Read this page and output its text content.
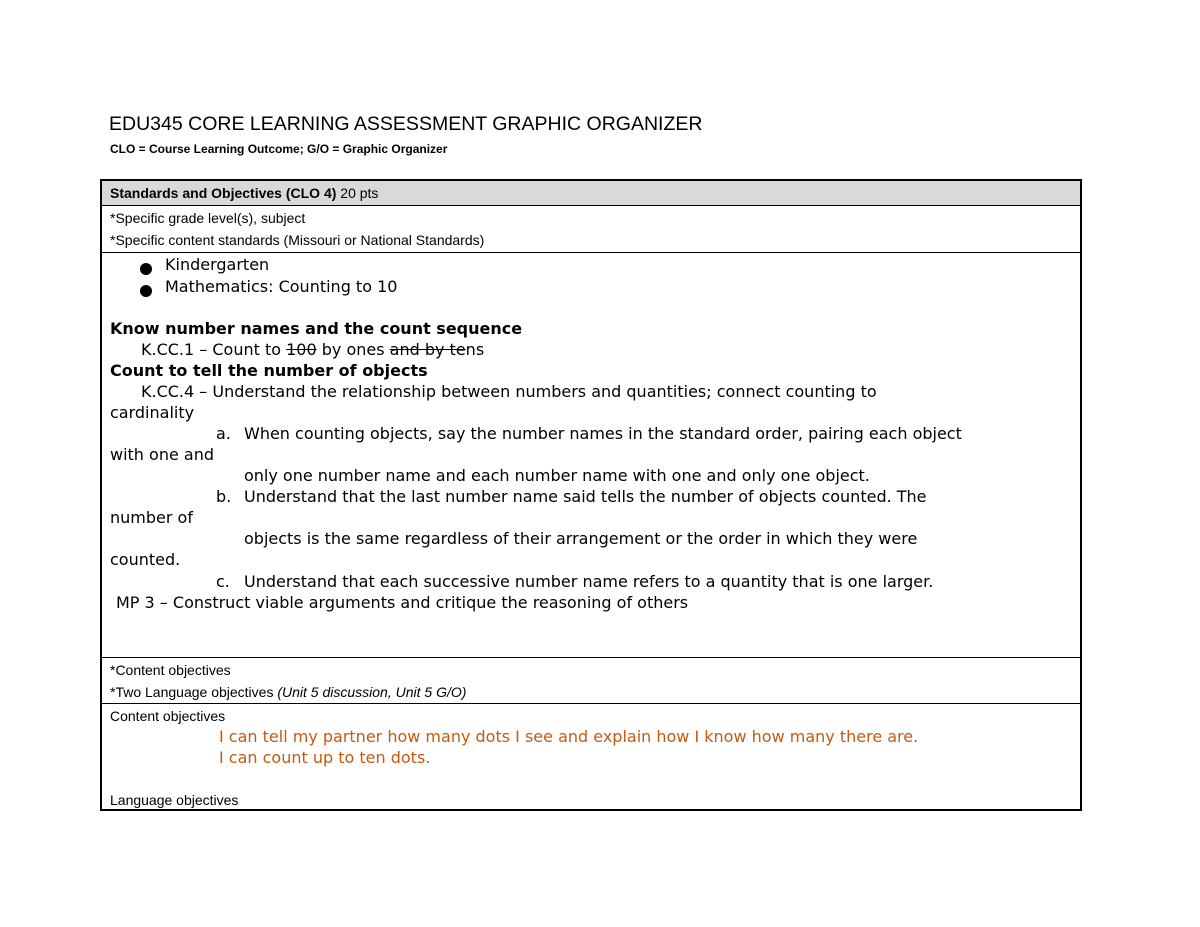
EDU345 CORE LEARNING ASSESSMENT GRAPHIC ORGANIZER
CLO = Course Learning Outcome; G/O = Graphic Organizer
Standards and Objectives (CLO 4) 20 pts
*Specific grade level(s), subject
*Specific content standards (Missouri or National Standards)
Kindergarten
Mathematics: Counting to 10
Know number names and the count sequence
K.CC.1 – Count to 100 by ones and by tens
Count to tell the number of objects
K.CC.4 – Understand the relationship between numbers and quantities; connect counting to
cardinality
a. When counting objects, say the number names in the standard order, pairing each object
with one and
only one number name and each number name with one and only one object.
b. Understand that the last number name said tells the number of objects counted. The
number of
objects is the same regardless of their arrangement or the order in which they were
counted.
c. Understand that each successive number name refers to a quantity that is one larger.
MP 3 – Construct viable arguments and critique the reasoning of others
*Content objectives
*Two Language objectives (Unit 5 discussion, Unit 5 G/O)
Content objectives
I can tell my partner how many dots I see and explain how I know how many there are.
I can count up to ten dots.
Language objectives
